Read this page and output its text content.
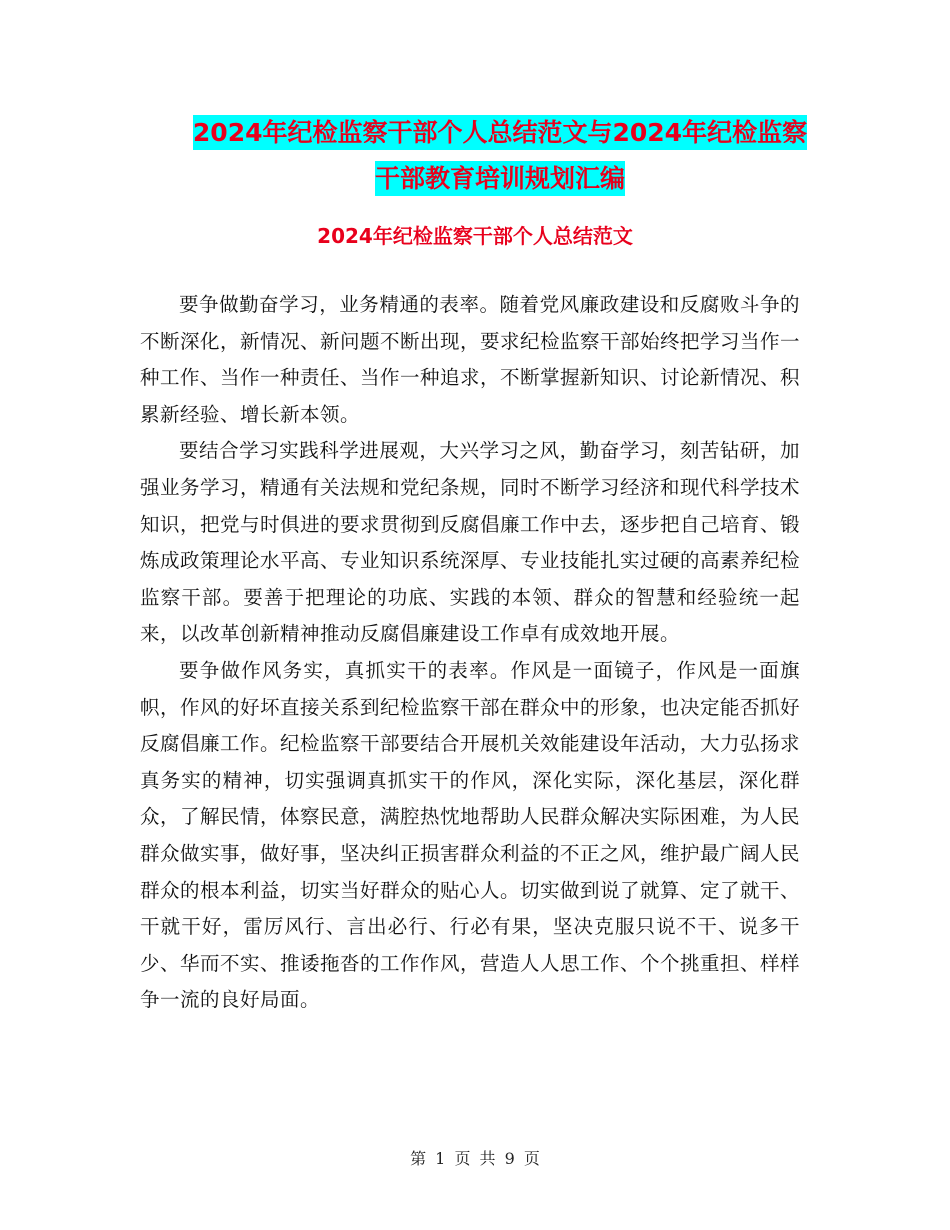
2024年纪检监察干部个人总结范文与2024年纪检监察
干部教育培训规划汇编
2024年纪检监察干部个人总结范文

要争做勤奋学习，业务精通的表率。随着党风廉政建设和反腐败斗争的不断深化，新情况、新问题不断出现，要求纪检监察干部始终把学习当作一种工作、当作一种责任、当作一种追求，不断掌握新知识、讨论新情况、积累新经验、增长新本领。

要结合学习实践科学进展观，大兴学习之风，勤奋学习，刻苦钻研，加强业务学习，精通有关法规和党纪条规，同时不断学习经济和现代科学技术知识，把党与时俱进的要求贯彻到反腐倡廉工作中去，逐步把自己培育、锻炼成政策理论水平高、专业知识系统深厚、专业技能扎实过硬的高素养纪检监察干部。要善于把理论的功底、实践的本领、群众的智慧和经验统一起来，以改革创新精神推动反腐倡廉建设工作卓有成效地开展。

要争做作风务实，真抓实干的表率。作风是一面镜子，作风是一面旗帜，作风的好坏直接关系到纪检监察干部在群众中的形象，也决定能否抓好反腐倡廉工作。纪检监察干部要结合开展机关效能建设年活动，大力弘扬求真务实的精神，切实强调真抓实干的作风，深化实际，深化基层，深化群众，了解民情，体察民意，满腔热忱地帮助人民群众解决实际困难，为人民群众做实事，做好事，坚决纠正损害群众利益的不正之风，维护最广阔人民群众的根本利益，切实当好群众的贴心人。切实做到说了就算、定了就干、干就干好，雷厉风行、言出必行、行必有果，坚决克服只说不干、说多干少、华而不实、推诿拖沓的工作作风，营造人人思工作、个个挑重担、样样争一流的良好局面。

第 1 页 共 9 页
